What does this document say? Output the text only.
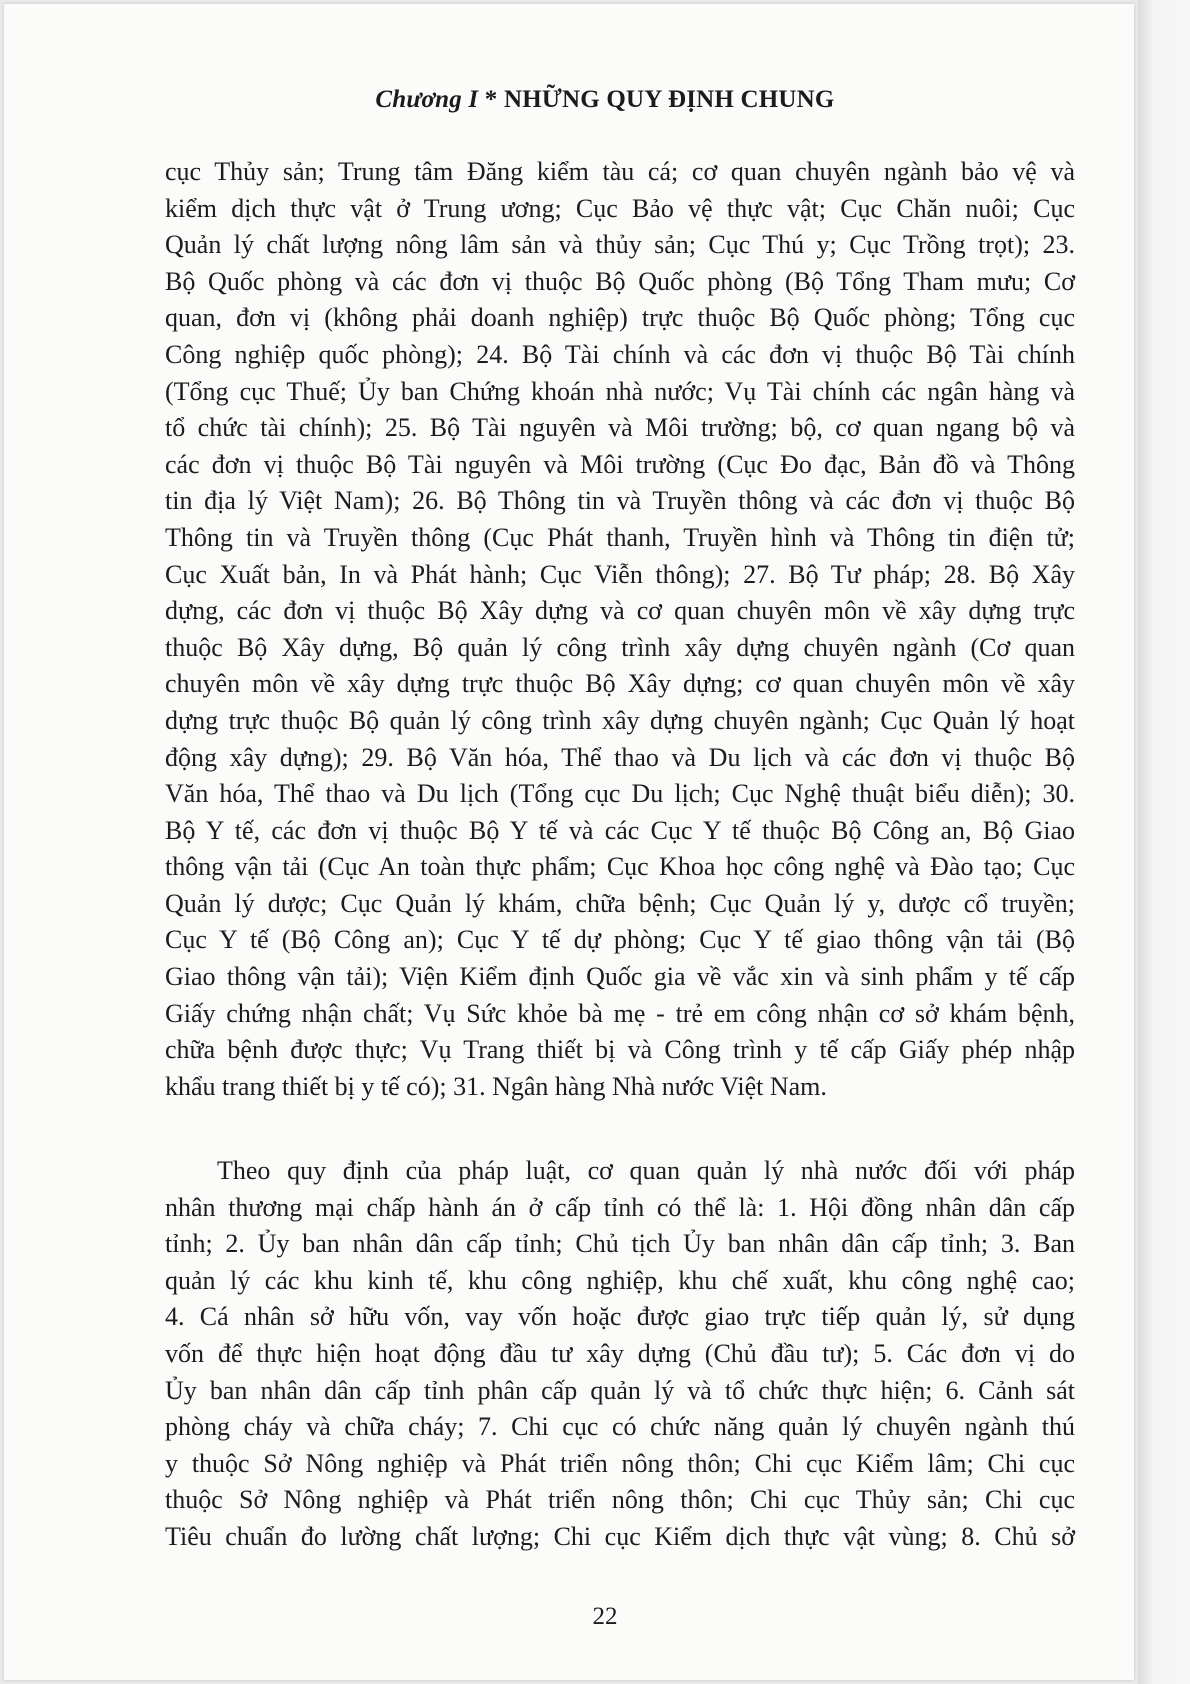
Chương I * NHỮNG QUY ĐỊNH CHUNG
cục Thủy sản; Trung tâm Đăng kiểm tàu cá; cơ quan chuyên ngành bảo vệ và
kiểm dịch thực vật ở Trung ương; Cục Bảo vệ thực vật; Cục Chăn nuôi; Cục
Quản lý chất lượng nông lâm sản và thủy sản; Cục Thú y; Cục Trồng trọt); 23.
Bộ Quốc phòng và các đơn vị thuộc Bộ Quốc phòng (Bộ Tổng Tham mưu; Cơ
quan, đơn vị (không phải doanh nghiệp) trực thuộc Bộ Quốc phòng; Tổng cục
Công nghiệp quốc phòng); 24. Bộ Tài chính và các đơn vị thuộc Bộ Tài chính
(Tổng cục Thuế; Ủy ban Chứng khoán nhà nước; Vụ Tài chính các ngân hàng và
tổ chức tài chính); 25. Bộ Tài nguyên và Môi trường; bộ, cơ quan ngang bộ và
các đơn vị thuộc Bộ Tài nguyên và Môi trường (Cục Đo đạc, Bản đồ và Thông
tin địa lý Việt Nam); 26. Bộ Thông tin và Truyền thông và các đơn vị thuộc Bộ
Thông tin và Truyền thông (Cục Phát thanh, Truyền hình và Thông tin điện tử;
Cục Xuất bản, In và Phát hành; Cục Viễn thông); 27. Bộ Tư pháp; 28. Bộ Xây
dựng, các đơn vị thuộc Bộ Xây dựng và cơ quan chuyên môn về xây dựng trực
thuộc Bộ Xây dựng, Bộ quản lý công trình xây dựng chuyên ngành (Cơ quan
chuyên môn về xây dựng trực thuộc Bộ Xây dựng; cơ quan chuyên môn về xây
dựng trực thuộc Bộ quản lý công trình xây dựng chuyên ngành; Cục Quản lý hoạt
động xây dựng); 29. Bộ Văn hóa, Thể thao và Du lịch và các đơn vị thuộc Bộ
Văn hóa, Thể thao và Du lịch (Tổng cục Du lịch; Cục Nghệ thuật biểu diễn); 30.
Bộ Y tế, các đơn vị thuộc Bộ Y tế và các Cục Y tế thuộc Bộ Công an, Bộ Giao
thông vận tải (Cục An toàn thực phẩm; Cục Khoa học công nghệ và Đào tạo; Cục
Quản lý dược; Cục Quản lý khám, chữa bệnh; Cục Quản lý y, dược cổ truyền;
Cục Y tế (Bộ Công an); Cục Y tế dự phòng; Cục Y tế giao thông vận tải (Bộ
Giao thông vận tải); Viện Kiểm định Quốc gia về vắc xin và sinh phẩm y tế cấp
Giấy chứng nhận chất; Vụ Sức khỏe bà mẹ - trẻ em công nhận cơ sở khám bệnh,
chữa bệnh được thực; Vụ Trang thiết bị và Công trình y tế cấp Giấy phép nhập
khẩu trang thiết bị y tế có); 31. Ngân hàng Nhà nước Việt Nam.
Theo quy định của pháp luật, cơ quan quản lý nhà nước đối với pháp
nhân thương mại chấp hành án ở cấp tỉnh có thể là: 1. Hội đồng nhân dân cấp
tỉnh; 2. Ủy ban nhân dân cấp tỉnh; Chủ tịch Ủy ban nhân dân cấp tỉnh; 3. Ban
quản lý các khu kinh tế, khu công nghiệp, khu chế xuất, khu công nghệ cao;
4. Cá nhân sở hữu vốn, vay vốn hoặc được giao trực tiếp quản lý, sử dụng
vốn để thực hiện hoạt động đầu tư xây dựng (Chủ đầu tư); 5. Các đơn vị do
Ủy ban nhân dân cấp tỉnh phân cấp quản lý và tổ chức thực hiện; 6. Cảnh sát
phòng cháy và chữa cháy; 7. Chi cục có chức năng quản lý chuyên ngành thú
y thuộc Sở Nông nghiệp và Phát triển nông thôn; Chi cục Kiểm lâm; Chi cục
thuộc Sở Nông nghiệp và Phát triển nông thôn; Chi cục Thủy sản; Chi cục
Tiêu chuẩn đo lường chất lượng; Chi cục Kiểm dịch thực vật vùng; 8. Chủ sở
22
